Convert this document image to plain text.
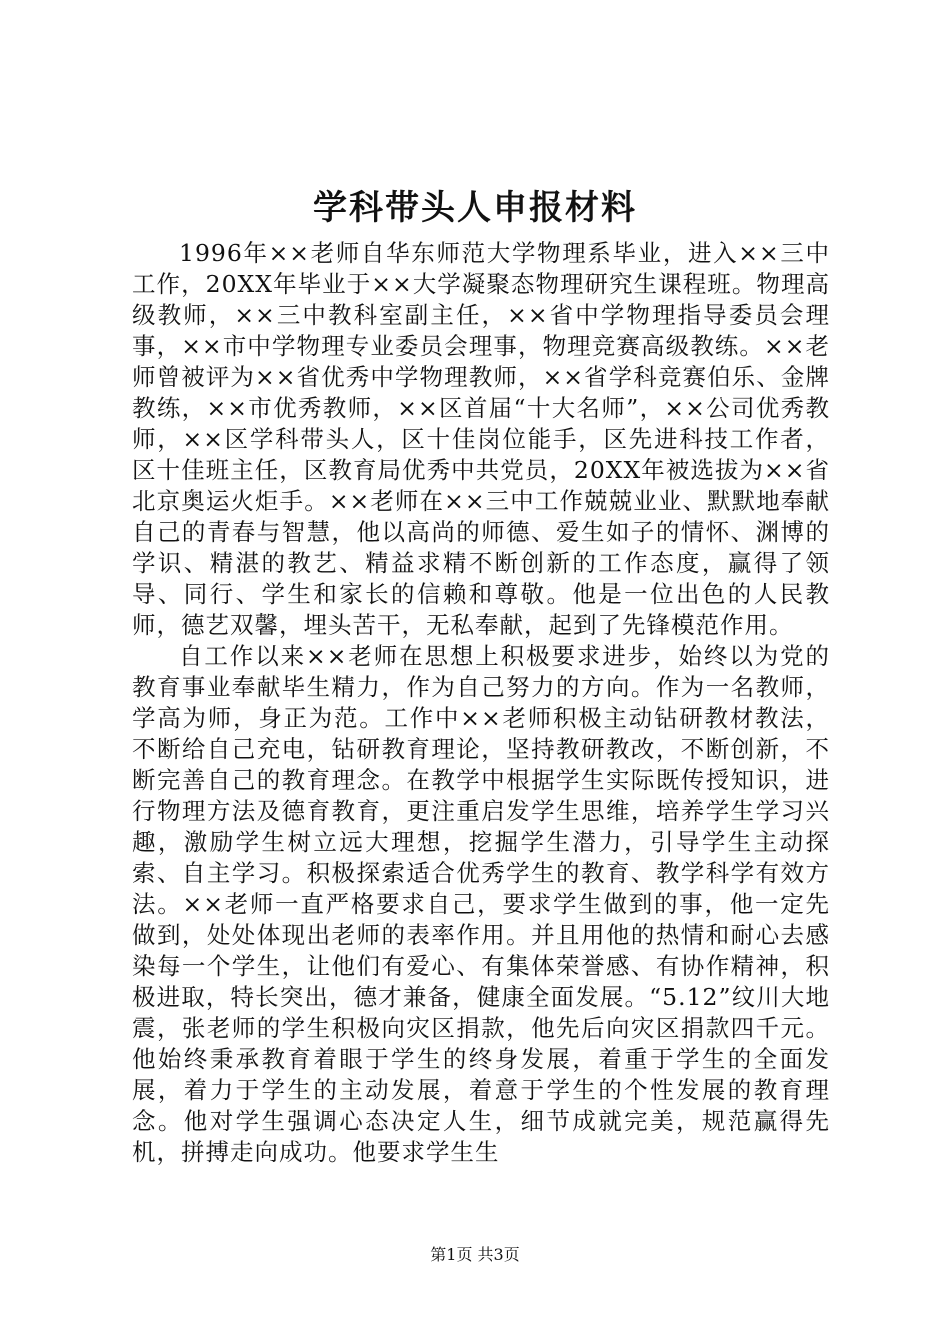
学科带头人申报材料

1996年××老师自华东师范大学物理系毕业，进入××三中工作，20XX年毕业于××大学凝聚态物理研究生课程班。物理高级教师，××三中教科室副主任，××省中学物理指导委员会理事，××市中学物理专业委员会理事，物理竞赛高级教练。××老师曾被评为××省优秀中学物理教师，××省学科竞赛伯乐、金牌教练，××市优秀教师，××区首届“十大名师”，××公司优秀教师，××区学科带头人，区十佳岗位能手，区先进科技工作者，区十佳班主任，区教育局优秀中共党员，20XX年被选拔为××省北京奥运火炬手。××老师在××三中工作兢兢业业、默默地奉献自己的青春与智慧，他以高尚的师德、爱生如子的情怀、渊博的学识、精湛的教艺、精益求精不断创新的工作态度，赢得了领导、同行、学生和家长的信赖和尊敬。他是一位出色的人民教师，德艺双馨，埋头苦干，无私奉献，起到了先锋模范作用。

自工作以来××老师在思想上积极要求进步，始终以为党的教育事业奉献毕生精力，作为自己努力的方向。作为一名教师，学高为师，身正为范。工作中××老师积极主动钻研教材教法，不断给自己充电，钻研教育理论，坚持教研教改，不断创新，不断完善自己的教育理念。在教学中根据学生实际既传授知识，进行物理方法及德育教育，更注重启发学生思维，培养学生学习兴趣，激励学生树立远大理想，挖掘学生潜力，引导学生主动探索、自主学习。积极探索适合优秀学生的教育、教学科学有效方法。××老师一直严格要求自己，要求学生做到的事，他一定先做到，处处体现出老师的表率作用。并且用他的热情和耐心去感染每一个学生，让他们有爱心、有集体荣誉感、有协作精神，积极进取，特长突出，德才兼备，健康全面发展。“5.12”纹川大地震，张老师的学生积极向灾区捐款，他先后向灾区捐款四千元。他始终秉承教育着眼于学生的终身发展，着重于学生的全面发展，着力于学生的主动发展，着意于学生的个性发展的教育理念。他对学生强调心态决定人生，细节成就完美，规范赢得先机，拼搏走向成功。他要求学生生

第1页 共3页
